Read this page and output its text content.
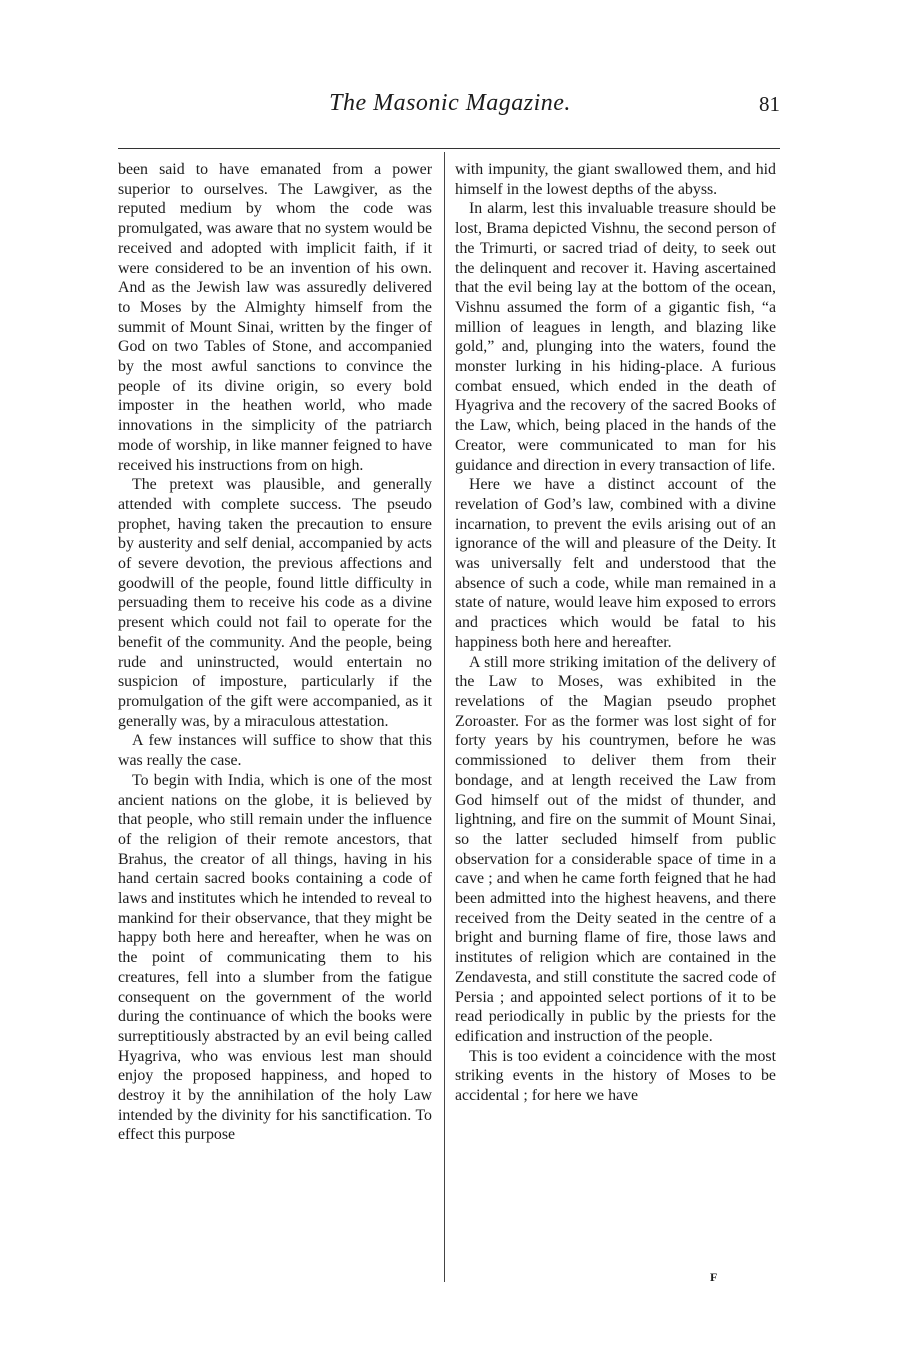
The Masonic Magazine.	81

been said to have emanated from a power superior to ourselves. The Lawgiver, as the reputed medium by whom the code was promulgated, was aware that no system would be received and adopted with implicit faith, if it were considered to be an invention of his own. And as the Jewish law was assuredly delivered to Moses by the Almighty himself from the summit of Mount Sinai, written by the finger of God on two Tables of Stone, and accompanied by the most awful sanctions to convince the people of its divine origin, so every bold imposter in the heathen world, who made innovations in the simplicity of the patriarch mode of worship, in like manner feigned to have received his instructions from on high.

The pretext was plausible, and generally attended with complete success. The pseudo prophet, having taken the precaution to ensure by austerity and self denial, accompanied by acts of severe devotion, the previous affections and goodwill of the people, found little difficulty in persuading them to receive his code as a divine present which could not fail to operate for the benefit of the community. And the people, being rude and uninstructed, would entertain no suspicion of imposture, particularly if the promulgation of the gift were accompanied, as it generally was, by a miraculous attestation.

A few instances will suffice to show that this was really the case.

To begin with India, which is one of the most ancient nations on the globe, it is believed by that people, who still remain under the influence of the religion of their remote ancestors, that Brahus, the creator of all things, having in his hand certain sacred books containing a code of laws and institutes which he intended to reveal to mankind for their observance, that they might be happy both here and hereafter, when he was on the point of communicating them to his creatures, fell into a slumber from the fatigue consequent on the government of the world during the continuance of which the books were surreptitiously abstracted by an evil being called Hyagriva, who was envious lest man should enjoy the proposed happiness, and hoped to destroy it by the annihilation of the holy Law intended by the divinity for his sanctification. To effect this purpose

with impunity, the giant swallowed them, and hid himself in the lowest depths of the abyss.

In alarm, lest this invaluable treasure should be lost, Brama depicted Vishnu, the second person of the Trimurti, or sacred triad of deity, to seek out the delinquent and recover it. Having ascertained that the evil being lay at the bottom of the ocean, Vishnu assumed the form of a gigantic fish, “a million of leagues in length, and blazing like gold,” and, plunging into the waters, found the monster lurking in his hiding-place. A furious combat ensued, which ended in the death of Hyagriva and the recovery of the sacred Books of the Law, which, being placed in the hands of the Creator, were communicated to man for his guidance and direction in every transaction of life.

Here we have a distinct account of the revelation of God’s law, combined with a divine incarnation, to prevent the evils arising out of an ignorance of the will and pleasure of the Deity. It was universally felt and understood that the absence of such a code, while man remained in a state of nature, would leave him exposed to errors and practices which would be fatal to his happiness both here and hereafter.

A still more striking imitation of the delivery of the Law to Moses, was exhibited in the revelations of the Magian pseudo prophet Zoroaster. For as the former was lost sight of for forty years by his countrymen, before he was commissioned to deliver them from their bondage, and at length received the Law from God himself out of the midst of thunder, and lightning, and fire on the summit of Mount Sinai, so the latter secluded himself from public observation for a considerable space of time in a cave ; and when he came forth feigned that he had been admitted into the highest heavens, and there received from the Deity seated in the centre of a bright and burning flame of fire, those laws and institutes of religion which are contained in the Zendavesta, and still constitute the sacred code of Persia ; and appointed select portions of it to be read periodically in public by the priests for the edification and instruction of the people.

This is too evident a coincidence with the most striking events in the history of Moses to be accidental ; for here we have

F
